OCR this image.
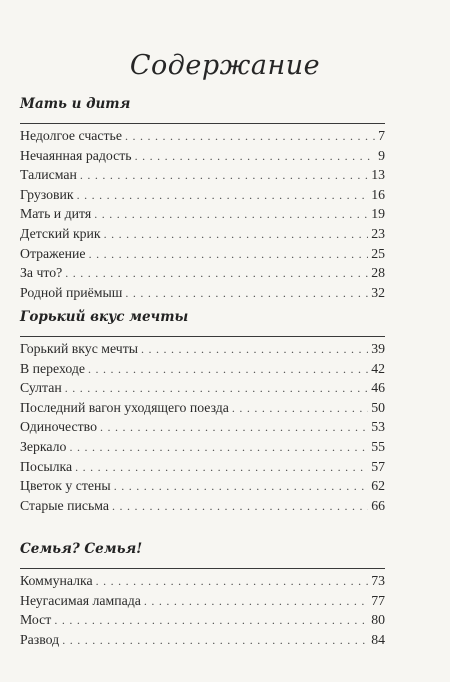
Содержание
Мать и дитя
Недолгое счастье . . .	7
Нечаянная радость . . .	9
Талисман . . .	13
Грузовик . . .	16
Мать и дитя . . .	19
Детский крик . . .	23
Отражение . . .	25
За что? . . .	28
Родной приёмыш . . .	32
Горький вкус мечты
Горький вкус мечты . . .	39
В переходе . . .	42
Султан . . .	46
Последний вагон уходящего поезда . . .	50
Одиночество . . .	53
Зеркало . . .	55
Посылка . . .	57
Цветок у стены . . .	62
Старые письма . . .	66
Семья? Семья!
Коммуналка . . .	73
Неугасимая лампада . . .	77
Мост . . .	80
Развод . . .	84
